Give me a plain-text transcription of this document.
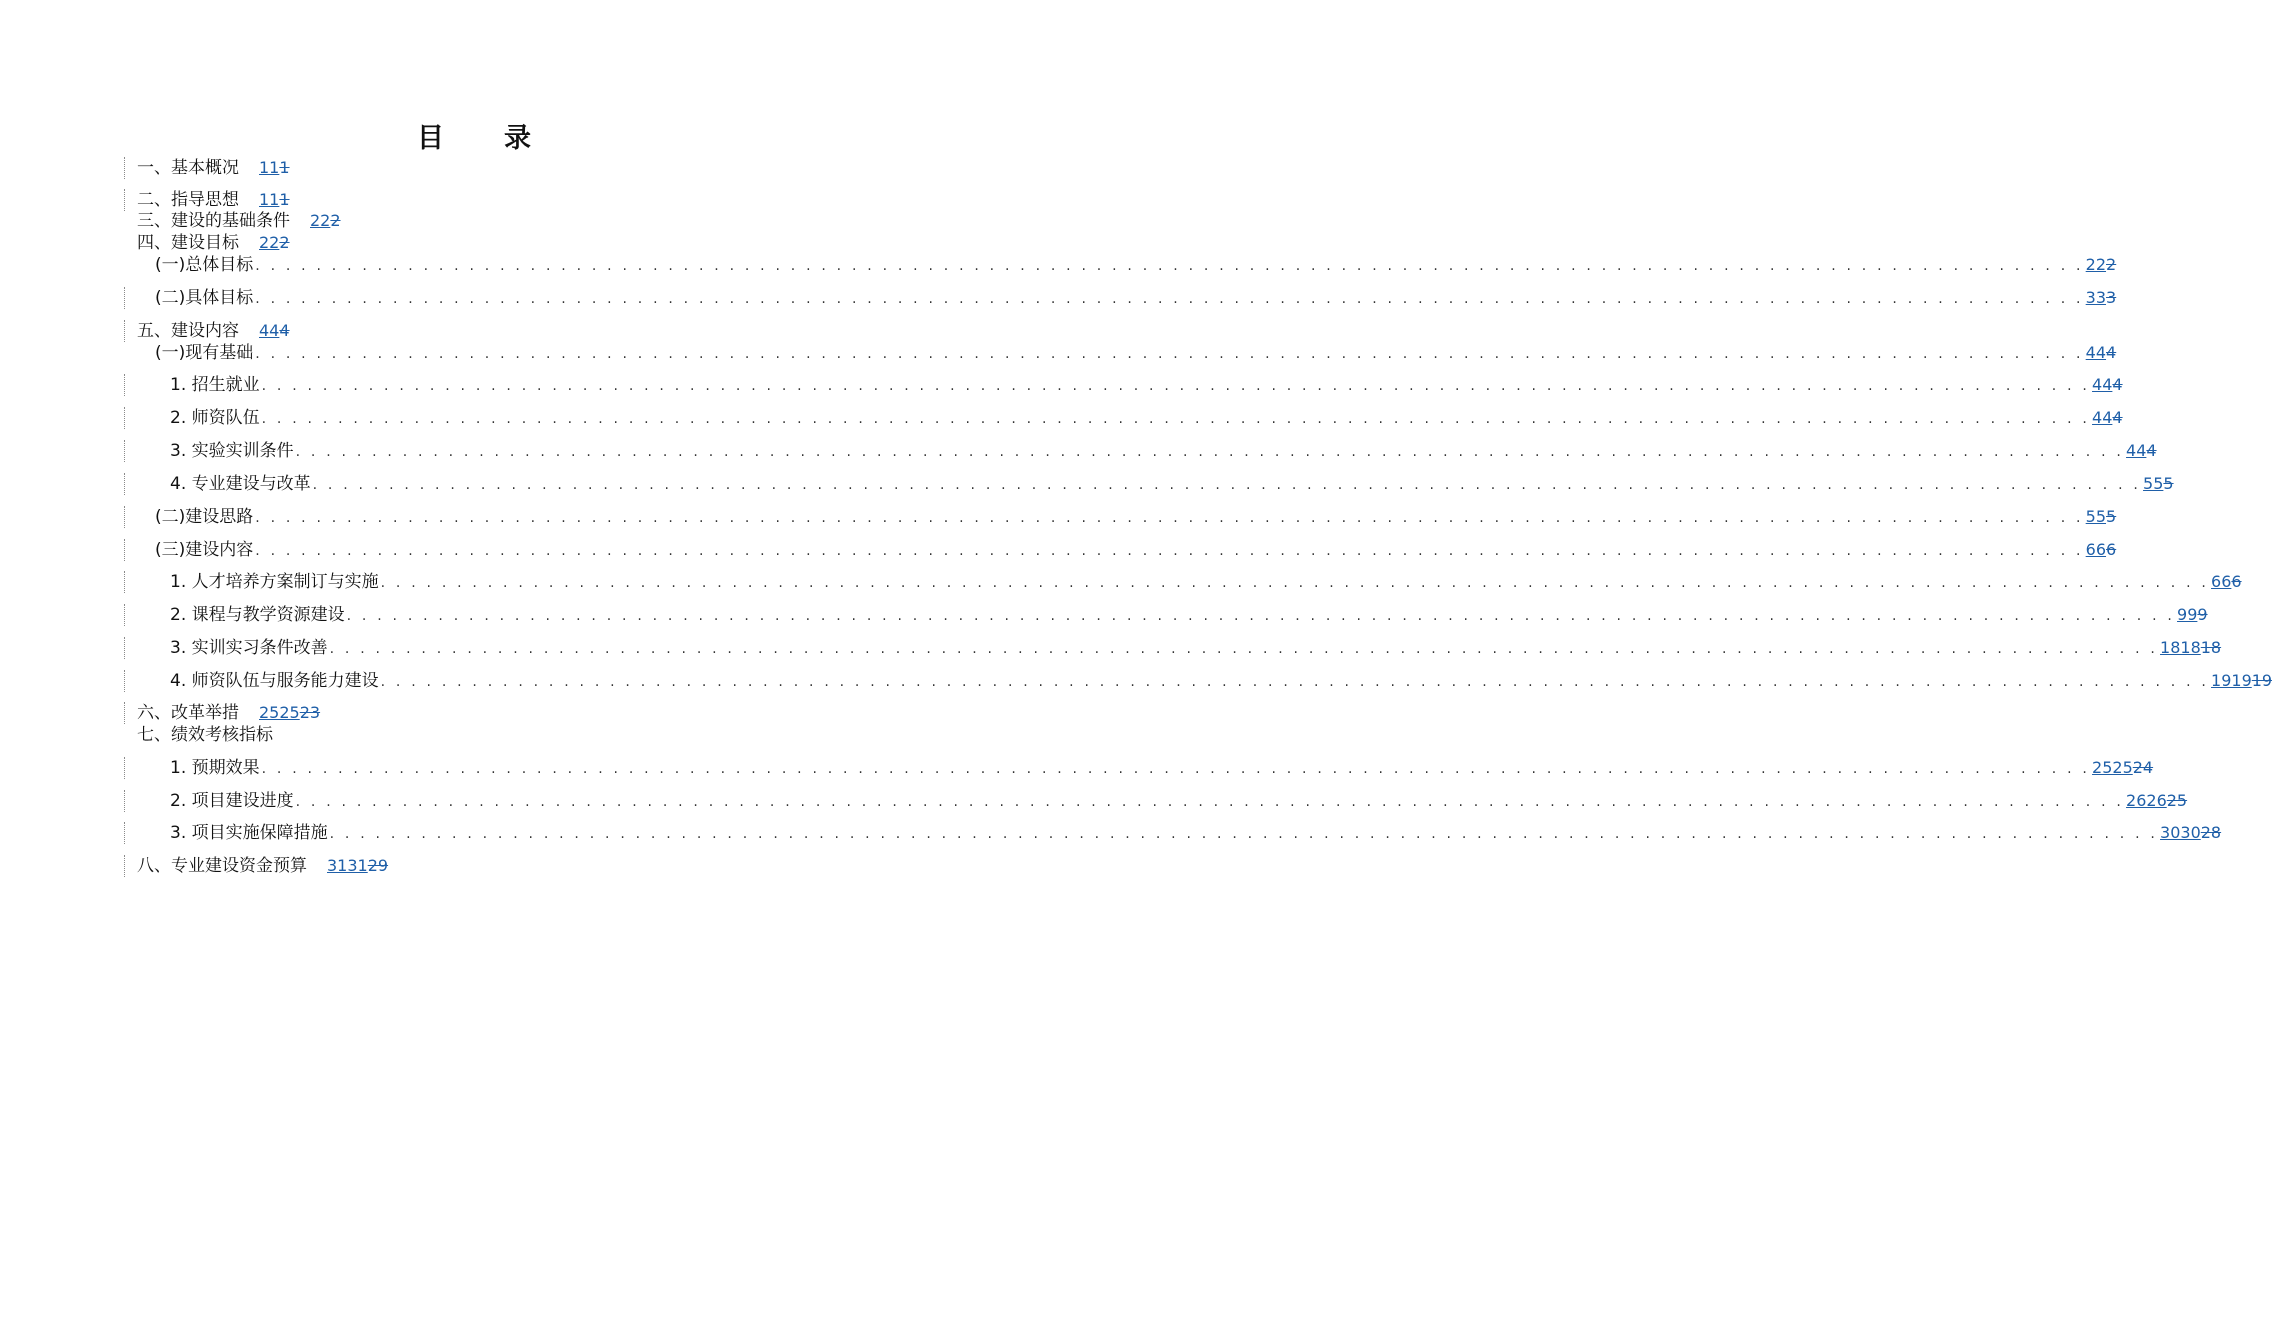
目 录
一、基本概况 111
二、指导思想 111
三、建设的基础条件 222
四、建设目标 222
(一)总体目标 . . . . . . . . . . . . . . . . . . . . . . . . . . . . . . . . . . . . . . . . . . . . . . . . . . . . . . . . . . . . . . . . . . . . . . . . . . . . . . . . . . . . . . . . . . . . . . . . . . . . . . . . . . . . . . . . . . . . . . . . 222
(二)具体目标 . . . . . . . . . . . . . . . . . . . . . . . . . . . . . . . . . . . . . . . . . . . . . . . . . . . . . . . . . . . . . . . . . . . . . . . . . . . . . . . . . . . . . . . . . . . . . . . . . . . . . . . . . . . . . . . . . . . . . . . . 333
五、建设内容 444
(一)现有基础 . . . . . . . . . . . . . . . . . . . . . . . . . . . . . . . . . . . . . . . . . . . . . . . . . . . . . . . . . . . . . . . . . . . . . . . . . . . . . . . . . . . . . . . . . . . . . . . . . . . . . . . . . . . . . . . . . . . . . . . . 444
1. 招生就业 . . . . . . . . . . . . . . . . . . . . . . . . . . . . . . . . . . . . . . . . . . . . . . . . . . . . . . . . . . . . . . . . . . . . . . . . . . . . . . . . . . . . . . . . . . . . . . . . . . . . . . . . . . . . . . . . . . . . . . . . 444
2. 师资队伍 . . . . . . . . . . . . . . . . . . . . . . . . . . . . . . . . . . . . . . . . . . . . . . . . . . . . . . . . . . . . . . . . . . . . . . . . . . . . . . . . . . . . . . . . . . . . . . . . . . . . . . . . . . . . . . . . . . . . . . . . 444
3. 实验实训条件 . . . . . . . . . . . . . . . . . . . . . . . . . . . . . . . . . . . . . . . . . . . . . . . . . . . . . . . . . . . . . . . . . . . . . . . . . . . . . . . . . . . . . . . . . . . . . . . . . . . . . . . . . . . . . . . . . . . . . . . . 444
4. 专业建设与改革 . . . . . . . . . . . . . . . . . . . . . . . . . . . . . . . . . . . . . . . . . . . . . . . . . . . . . . . . . . . . . . . . . . . . . . . . . . . . . . . . . . . . . . . . . . . . . . . . . . . . . . . . . . . . . . . . . . . . . . . . 555
(二)建设思路 . . . . . . . . . . . . . . . . . . . . . . . . . . . . . . . . . . . . . . . . . . . . . . . . . . . . . . . . . . . . . . . . . . . . . . . . . . . . . . . . . . . . . . . . . . . . . . . . . . . . . . . . . . . . . . . . . . . . . . . . 555
(三)建设内容 . . . . . . . . . . . . . . . . . . . . . . . . . . . . . . . . . . . . . . . . . . . . . . . . . . . . . . . . . . . . . . . . . . . . . . . . . . . . . . . . . . . . . . . . . . . . . . . . . . . . . . . . . . . . . . . . . . . . . . . . 666
1. 人才培养方案制订与实施 . . . . . . . . . . . . . . . . . . . . . . . . . . . . . . . . . . . . . . . . . . . . . . . . . . . . . . . . . . . . . . . . . . . . . . . . . . . . . . . . . . . . . . . . . . . . . . . . . . . . . . . . . . . . . . . . . . . . . . . . 666
2. 课程与教学资源建设 . . . . . . . . . . . . . . . . . . . . . . . . . . . . . . . . . . . . . . . . . . . . . . . . . . . . . . . . . . . . . . . . . . . . . . . . . . . . . . . . . . . . . . . . . . . . . . . . . . . . . . . . . . . . . . . . . . . . . . . . 999
3. 实训实习条件改善 . . . . . . . . . . . . . . . . . . . . . . . . . . . . . . . . . . . . . . . . . . . . . . . . . . . . . . . . . . . . . . . . . . . . . . . . . . . . . . . . . . . . . . . . . . . . . . . . . . . . . . . . . . . . . . . . . . . . . . . . 181818
4. 师资队伍与服务能力建设 . . . . . . . . . . . . . . . . . . . . . . . . . . . . . . . . . . . . . . . . . . . . . . . . . . . . . . . . . . . . . . . . . . . . . . . . . . . . . . . . . . . . . . . . . . . . . . . . . . . . . . . . . . . . . . . . . . . . . . . . 191919
六、改革举措 252523
七、绩效考核指标
1. 预期效果 . . . . . . . . . . . . . . . . . . . . . . . . . . . . . . . . . . . . . . . . . . . . . . . . . . . . . . . . . . . . . . . . . . . . . . . . . . . . . . . . . . . . . . . . . . . . . . . . . . . . . . . . . . . . . . . . . . . . . . . . 252524
2. 项目建设进度 . . . . . . . . . . . . . . . . . . . . . . . . . . . . . . . . . . . . . . . . . . . . . . . . . . . . . . . . . . . . . . . . . . . . . . . . . . . . . . . . . . . . . . . . . . . . . . . . . . . . . . . . . . . . . . . . . . . . . . . . 262625
3. 项目实施保障措施 . . . . . . . . . . . . . . . . . . . . . . . . . . . . . . . . . . . . . . . . . . . . . . . . . . . . . . . . . . . . . . . . . . . . . . . . . . . . . . . . . . . . . . . . . . . . . . . . . . . . . . . . . . . . . . . . . . . . . . . . 303028
八、专业建设资金预算 313129
